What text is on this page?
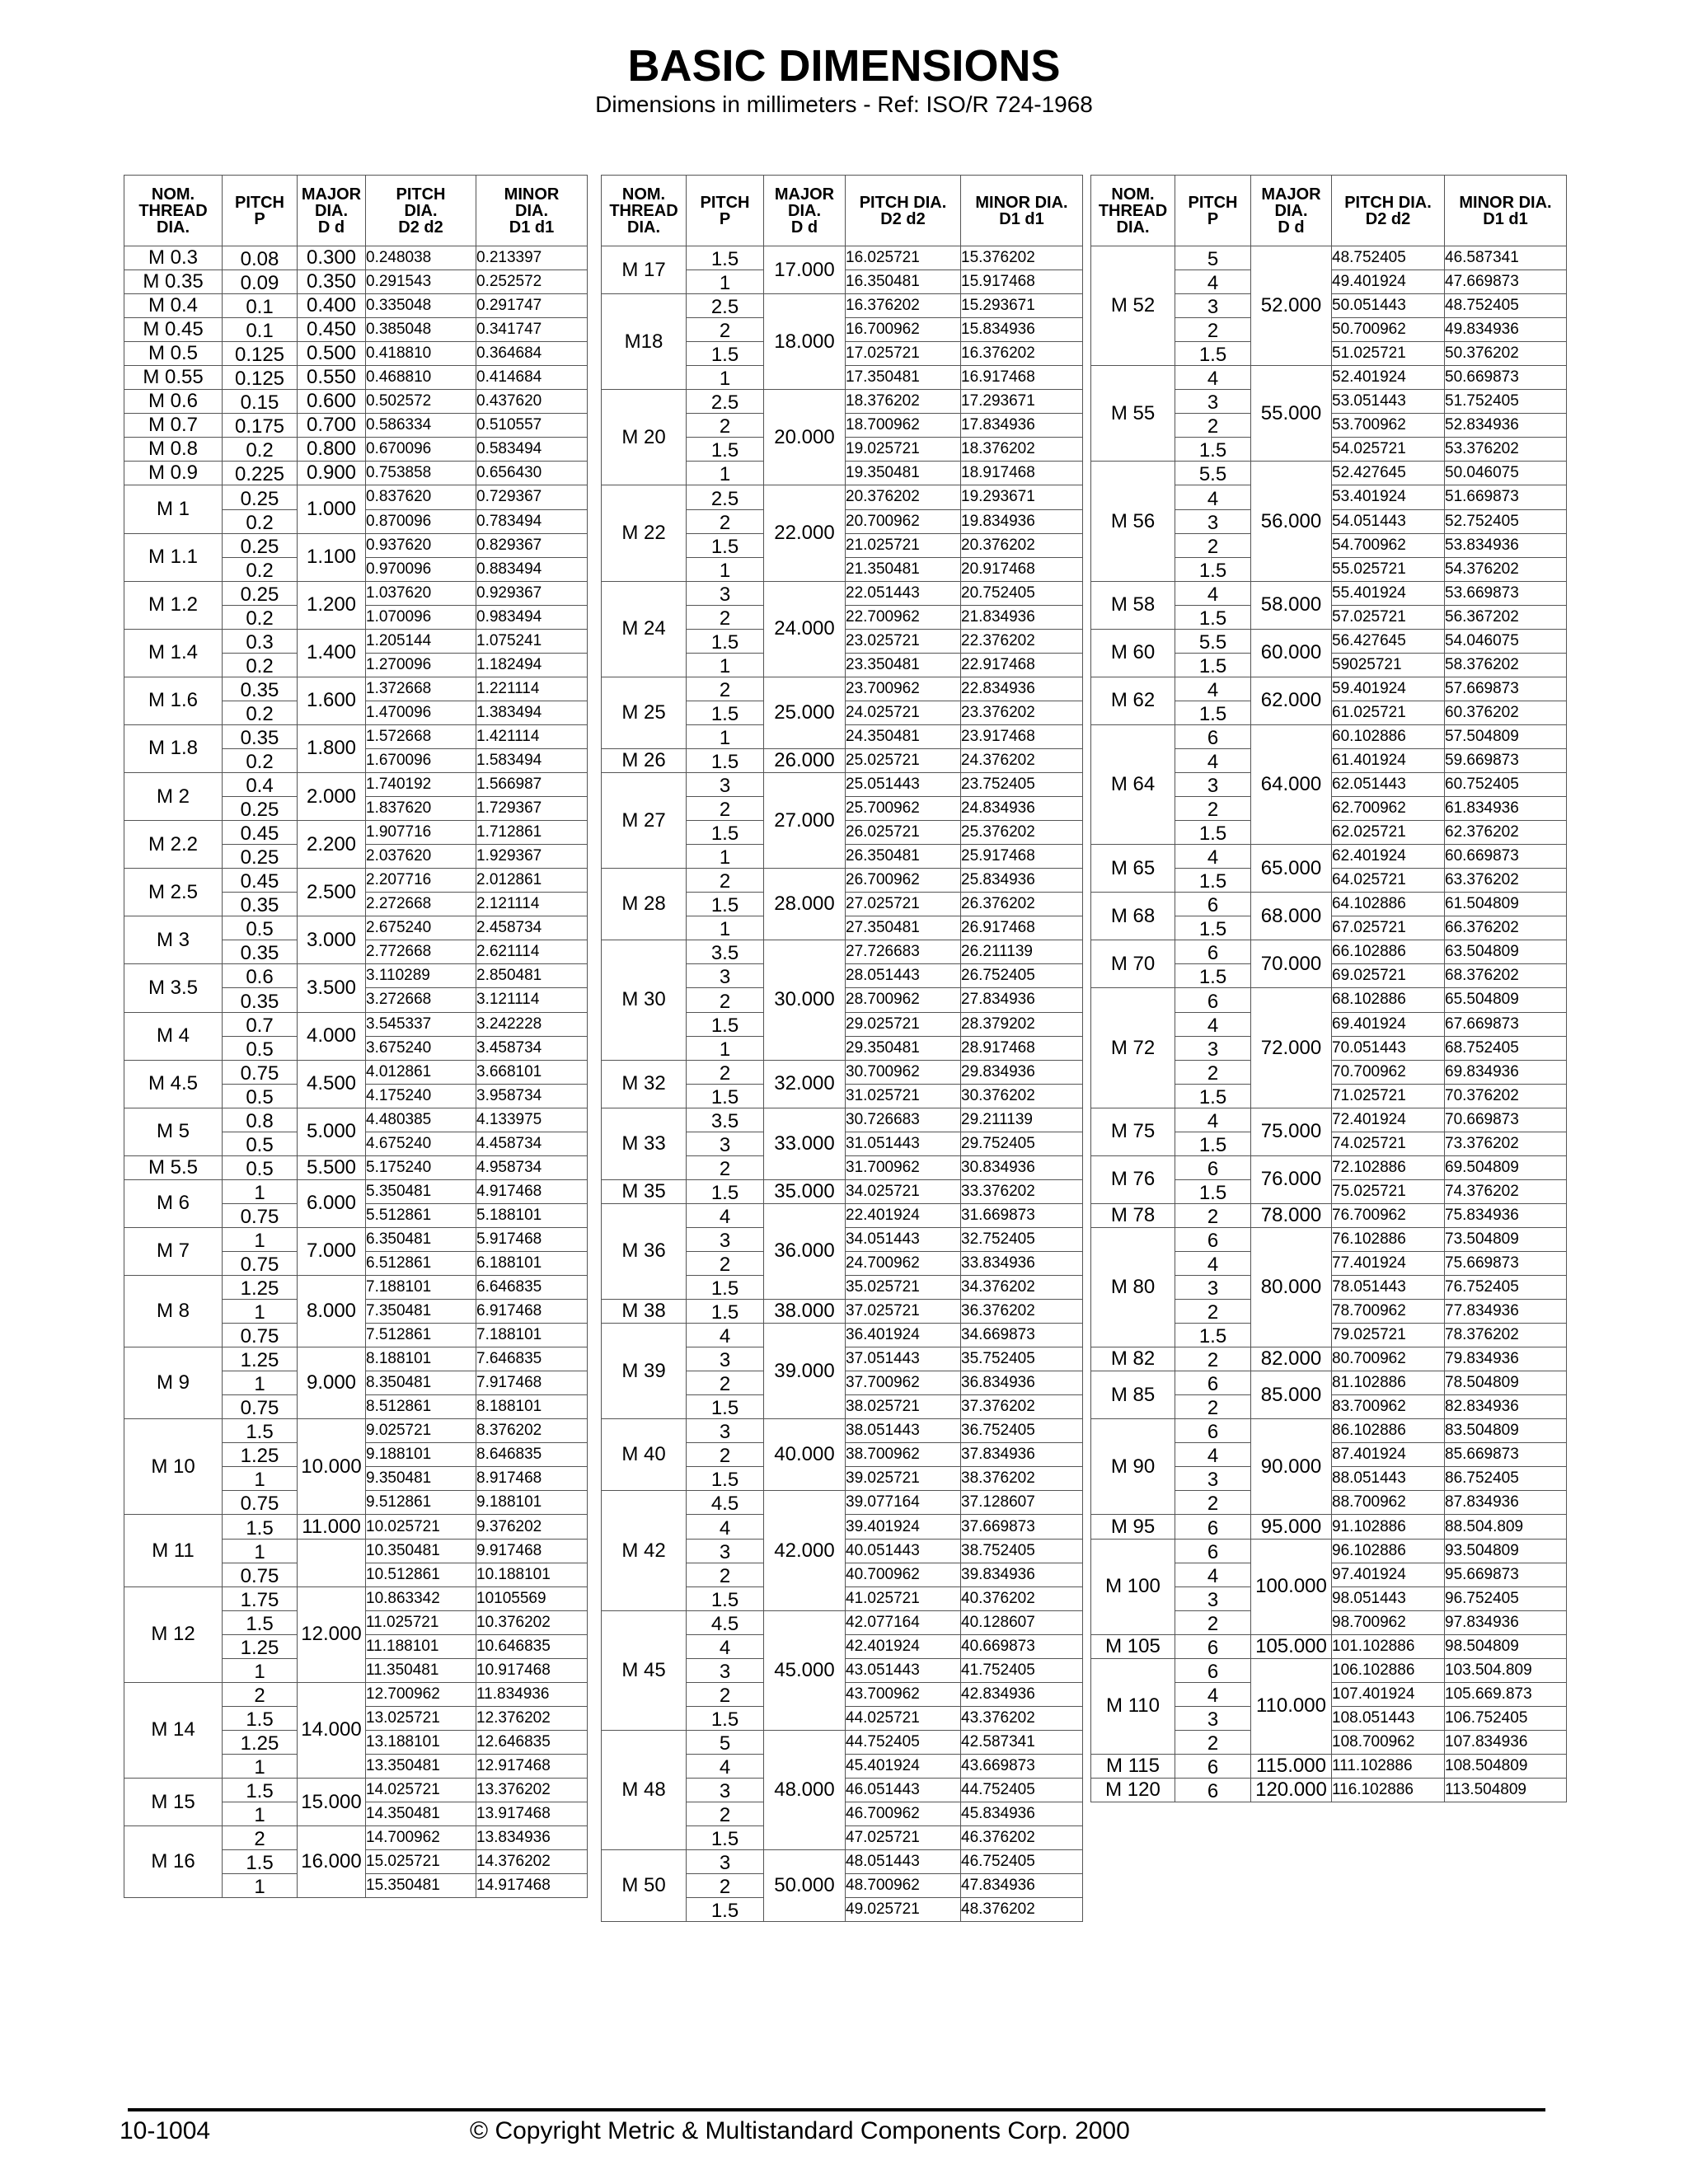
BASIC DIMENSIONS
Dimensions in millimeters - Ref: ISO/R 724-1968
NOM.
THREAD
DIA.	PITCH
P	MAJOR
DIA.
D d	PITCH
DIA.
D2 d2	MINOR
DIA.
D1 d1
M 0.3	0.08	0.300	0.248038	0.213397
M 0.35	0.09	0.350	0.291543	0.252572
M 0.4	0.1	0.400	0.335048	0.291747
M 0.45	0.1	0.450	0.385048	0.341747
M 0.5	0.125	0.500	0.418810	0.364684
M 0.55	0.125	0.550	0.468810	0.414684
M 0.6	0.15	0.600	0.502572	0.437620
M 0.7	0.175	0.700	0.586334	0.510557
M 0.8	0.2	0.800	0.670096	0.583494
M 0.9	0.225	0.900	0.753858	0.656430
M 1	0.25	1.000	0.837620	0.729367
	0.2		0.870096	0.783494
M 1.1	0.25	1.100	0.937620	0.829367
	0.2		0.970096	0.883494
M 1.2	0.25	1.200	1.037620	0.929367
	0.2		1.070096	0.983494
M 1.4	0.3	1.400	1.205144	1.075241
	0.2		1.270096	1.182494
M 1.6	0.35	1.600	1.372668	1.221114
	0.2		1.470096	1.383494
M 1.8	0.35	1.800	1.572668	1.421114
	0.2		1.670096	1.583494
M 2	0.4	2.000	1.740192	1.566987
	0.25		1.837620	1.729367
M 2.2	0.45	2.200	1.907716	1.712861
	0.25		2.037620	1.929367
M 2.5	0.45	2.500	2.207716	2.012861
	0.35		2.272668	2.121114
M 3	0.5	3.000	2.675240	2.458734
	0.35		2.772668	2.621114
M 3.5	0.6	3.500	3.110289	2.850481
	0.35		3.272668	3.121114
M 4	0.7	4.000	3.545337	3.242228
	0.5		3.675240	3.458734
M 4.5	0.75	4.500	4.012861	3.668101
	0.5		4.175240	3.958734
M 5	0.8	5.000	4.480385	4.133975
	0.5		4.675240	4.458734
M 5.5	0.5	5.500	5.175240	4.958734
M 6	1	6.000	5.350481	4.917468
	0.75		5.512861	5.188101
M 7	1	7.000	6.350481	5.917468
	0.75		6.512861	6.188101
M 8	1.25	8.000	7.188101	6.646835
	1		7.350481	6.917468
	0.75		7.512861	7.188101
M 9	1.25	9.000	8.188101	7.646835
	1		8.350481	7.917468
	0.75		8.512861	8.188101
M 10	1.5	10.000	9.025721	8.376202
	1.25		9.188101	8.646835
	1		9.350481	8.917468
	0.75		9.512861	9.188101
M 11	1.5	11.000	10.025721	9.376202
	1		10.350481	9.917468
	0.75		10.512861	10.188101
M 12	1.75	12.000	10.863342	10105569
	1.5		11.025721	10.376202
	1.25		11.188101	10.646835
	1		11.350481	10.917468
M 14	2	14.000	12.700962	11.834936
	1.5		13.025721	12.376202
	1.25		13.188101	12.646835
	1		13.350481	12.917468
M 15	1.5	15.000	14.025721	13.376202
	1		14.350481	13.917468
M 16	2	16.000	14.700962	13.834936
	1.5		15.025721	14.376202
	1		15.350481	14.917468
NOM.
THREAD
DIA.	PITCH
P	MAJOR
DIA.
D d	PITCH DIA.
D2 d2	MINOR DIA.
D1 d1
M 17	1.5	17.000	16.025721	15.376202
	1		16.350481	15.917468
M18	2.5	18.000	16.376202	15.293671
	2		16.700962	15.834936
	1.5		17.025721	16.376202
	1		17.350481	16.917468
M 20	2.5	20.000	18.376202	17.293671
	2		18.700962	17.834936
	1.5		19.025721	18.376202
	1		19.350481	18.917468
M 22	2.5	22.000	20.376202	19.293671
	2		20.700962	19.834936
	1.5		21.025721	20.376202
	1		21.350481	20.917468
M 24	3	24.000	22.051443	20.752405
	2		22.700962	21.834936
	1.5		23.025721	22.376202
	1		23.350481	22.917468
M 25	2	25.000	23.700962	22.834936
	1.5		24.025721	23.376202
	1		24.350481	23.917468
M 26	1.5	26.000	25.025721	24.376202
M 27	3	27.000	25.051443	23.752405
	2		25.700962	24.834936
	1.5		26.025721	25.376202
	1		26.350481	25.917468
M 28	2	28.000	26.700962	25.834936
	1.5		27.025721	26.376202
	1		27.350481	26.917468
M 30	3.5	30.000	27.726683	26.211139
	3		28.051443	26.752405
	2		28.700962	27.834936
	1.5		29.025721	28.379202
	1		29.350481	28.917468
M 32	2	32.000	30.700962	29.834936
	1.5		31.025721	30.376202
M 33	3.5	33.000	30.726683	29.211139
	3		31.051443	29.752405
	2		31.700962	30.834936
M 35	1.5	35.000	34.025721	33.376202
M 36	4	36.000	22.401924	31.669873
	3		34.051443	32.752405
	2		24.700962	33.834936
	1.5		35.025721	34.376202
M 38	1.5	38.000	37.025721	36.376202
M 39	4	39.000	36.401924	34.669873
	3		37.051443	35.752405
	2		37.700962	36.834936
	1.5		38.025721	37.376202
M 40	3	40.000	38.051443	36.752405
	2		38.700962	37.834936
	1.5		39.025721	38.376202
M 42	4.5	42.000	39.077164	37.128607
	4		39.401924	37.669873
	3		40.051443	38.752405
	2		40.700962	39.834936
	1.5		41.025721	40.376202
M 45	4.5	45.000	42.077164	40.128607
	4		42.401924	40.669873
	3		43.051443	41.752405
	2		43.700962	42.834936
	1.5		44.025721	43.376202
M 48	5	48.000	44.752405	42.587341
	4		45.401924	43.669873
	3		46.051443	44.752405
	2		46.700962	45.834936
	1.5		47.025721	46.376202
M 50	3	50.000	48.051443	46.752405
	2		48.700962	47.834936
	1.5		49.025721	48.376202
NOM.
THREAD
DIA.	PITCH
P	MAJOR
DIA.
D d	PITCH DIA.
D2 d2	MINOR DIA.
D1 d1
M 52	5	52.000	48.752405	46.587341
	4		49.401924	47.669873
	3		50.051443	48.752405
	2		50.700962	49.834936
	1.5		51.025721	50.376202
M 55	4	55.000	52.401924	50.669873
	3		53.051443	51.752405
	2		53.700962	52.834936
	1.5		54.025721	53.376202
M 56	5.5	56.000	52.427645	50.046075
	4		53.401924	51.669873
	3		54.051443	52.752405
	2		54.700962	53.834936
	1.5		55.025721	54.376202
M 58	4	58.000	55.401924	53.669873
	1.5		57.025721	56.367202
M 60	5.5	60.000	56.427645	54.046075
	1.5		59025721	58.376202
M 62	4	62.000	59.401924	57.669873
	1.5		61.025721	60.376202
M 64	6	64.000	60.102886	57.504809
	4		61.401924	59.669873
	3		62.051443	60.752405
	2		62.700962	61.834936
	1.5		62.025721	62.376202
M 65	4	65.000	62.401924	60.669873
	1.5		64.025721	63.376202
M 68	6	68.000	64.102886	61.504809
	1.5		67.025721	66.376202
M 70	6	70.000	66.102886	63.504809
	1.5		69.025721	68.376202
M 72	6	72.000	68.102886	65.504809
	4		69.401924	67.669873
	3		70.051443	68.752405
	2		70.700962	69.834936
	1.5		71.025721	70.376202
M 75	4	75.000	72.401924	70.669873
	1.5		74.025721	73.376202
M 76	6	76.000	72.102886	69.504809
	1.5		75.025721	74.376202
M 78	2	78.000	76.700962	75.834936
M 80	6	80.000	76.102886	73.504809
	4		77.401924	75.669873
	3		78.051443	76.752405
	2		78.700962	77.834936
	1.5		79.025721	78.376202
M 82	2	82.000	80.700962	79.834936
M 85	6	85.000	81.102886	78.504809
	2		83.700962	82.834936
M 90	6	90.000	86.102886	83.504809
	4		87.401924	85.669873
	3		88.051443	86.752405
	2		88.700962	87.834936
M 95	6	95.000	91.102886	88.504.809
M 100	6	100.000	96.102886	93.504809
	4		97.401924	95.669873
	3		98.051443	96.752405
	2		98.700962	97.834936
M 105	6	105.000	101.102886	98.504809
M 110	6	110.000	106.102886	103.504.809
	4		107.401924	105.669.873
	3		108.051443	106.752405
	2		108.700962	107.834936
M 115	6	115.000	111.102886	108.504809
M 120	6	120.000	116.102886	113.504809
10-1004	© Copyright Metric & Multistandard Components Corp. 2000
